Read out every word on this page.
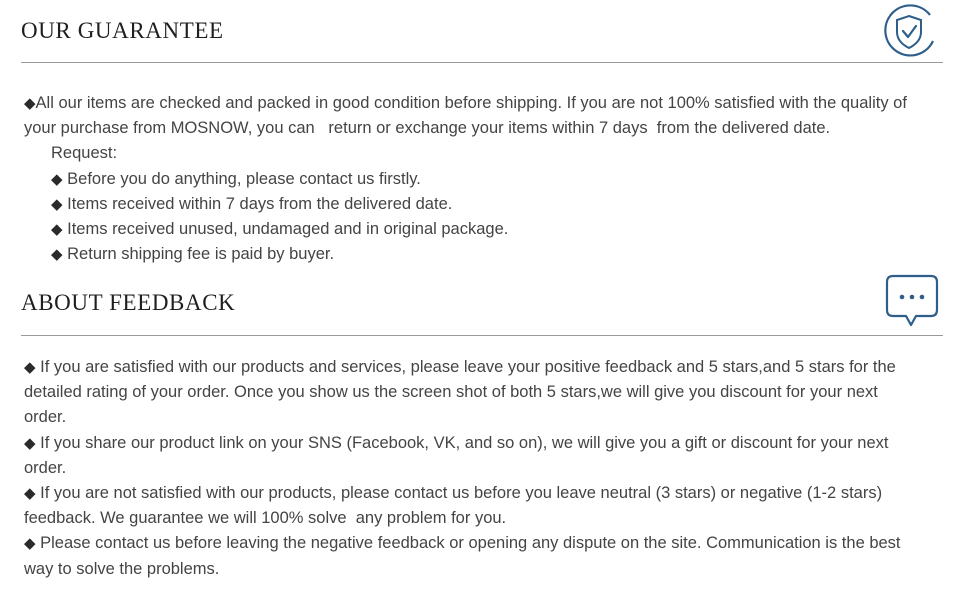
OUR GUARANTEE

◆All our items are checked and packed in good condition before shipping. If you are not 100% satisfied with the quality of your purchase from MOSNOW, you can   return or exchange your items within 7 days  from the delivered date.

Request:

◆ Before you do anything, please contact us firstly.

◆ Items received within 7 days from the delivered date.

◆ Items received unused, undamaged and in original package.

◆ Return shipping fee is paid by buyer.

ABOUT FEEDBACK

◆ If you are satisfied with our products and services, please leave your positive feedback and 5 stars,and 5 stars for the detailed rating of your order. Once you show us the screen shot of both 5 stars,we will give you discount for your next order.

◆ If you share our product link on your SNS (Facebook, VK, and so on), we will give you a gift or discount for your next order.

◆ If you are not satisfied with our products, please contact us before you leave neutral (3 stars) or negative (1-2 stars) feedback. We guarantee we will 100% solve  any problem for you.

◆ Please contact us before leaving the negative feedback or opening any dispute on the site. Communication is the best way to solve the problems.
